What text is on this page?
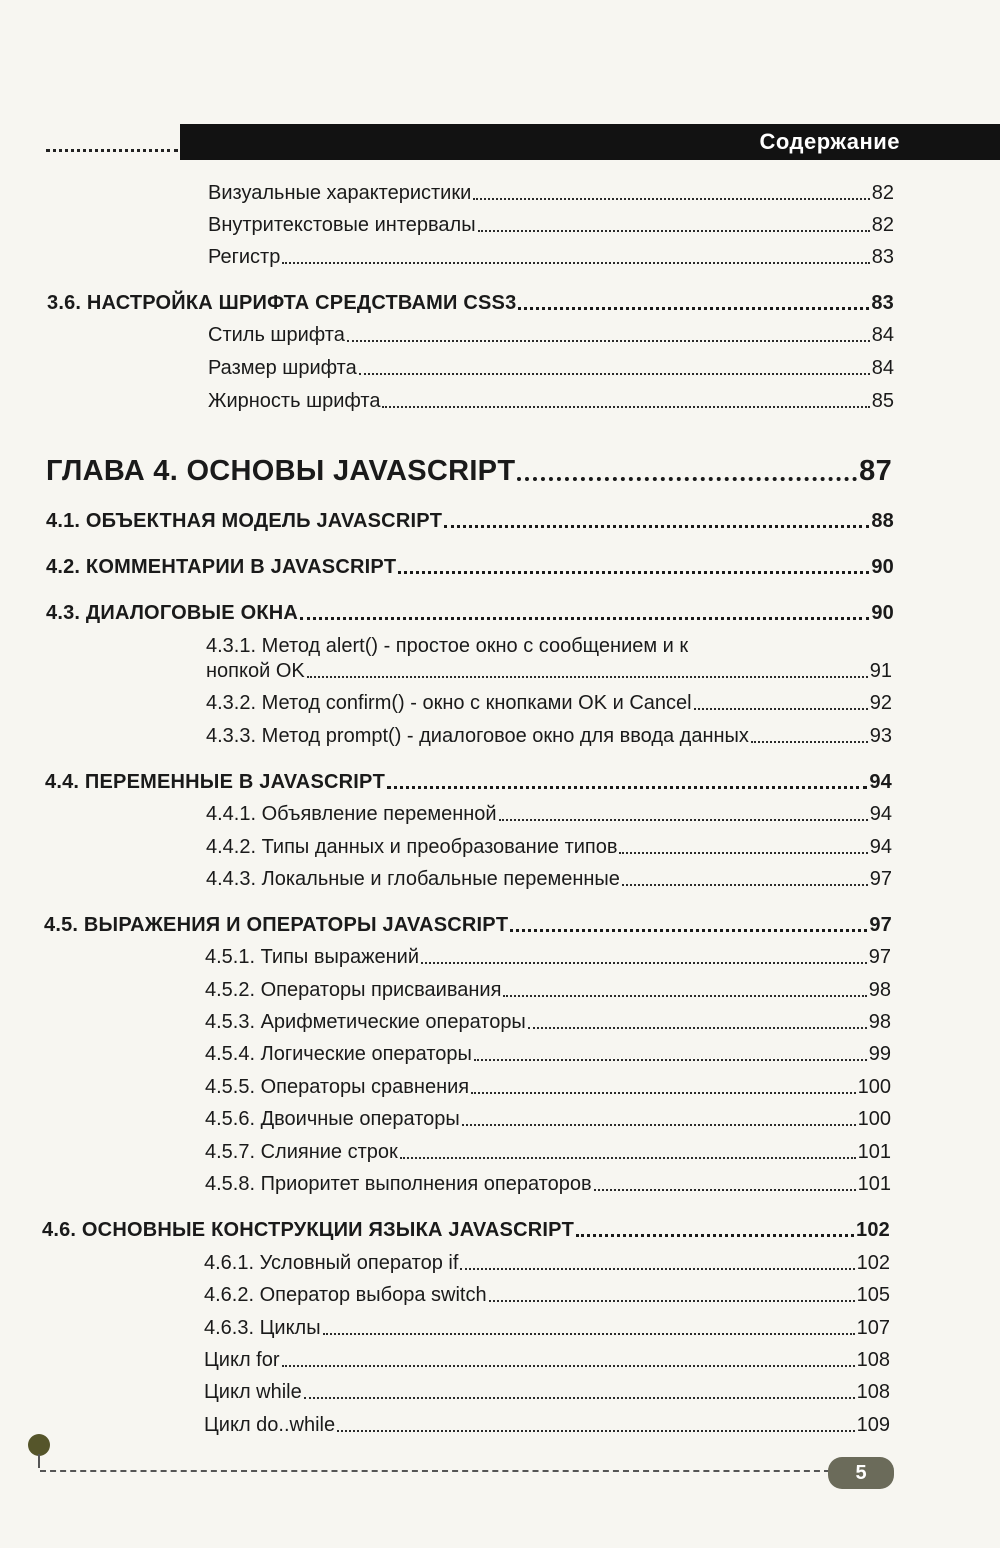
Содержание
Визуальные характеристики	82
Внутритекстовые интервалы	82
Регистр	83
3.6. НАСТРОЙКА ШРИФТА СРЕДСТВАМИ CSS3	83
Стиль шрифта	84
Размер шрифта	84
Жирность шрифта	85
ГЛАВА 4. ОСНОВЫ JAVASCRIPT	87
4.1. ОБЪЕКТНАЯ МОДЕЛЬ JAVASCRIPT	88
4.2. КОММЕНТАРИИ В JAVASCRIPT	90
4.3. ДИАЛОГОВЫЕ ОКНА	90
4.3.1. Метод alert() - простое окно с сообщением и к
нопкой OK	91
4.3.2. Метод confirm() - окно с кнопками OK и Cancel	92
4.3.3. Метод prompt() - диалоговое окно для ввода данных	93
4.4. ПЕРЕМЕННЫЕ В JAVASCRIPT	94
4.4.1. Объявление переменной	94
4.4.2. Типы данных и преобразование типов	94
4.4.3. Локальные и глобальные переменные	97
4.5. ВЫРАЖЕНИЯ И ОПЕРАТОРЫ JAVASCRIPT	97
4.5.1. Типы выражений	97
4.5.2. Операторы присваивания	98
4.5.3. Арифметические операторы	98
4.5.4. Логические операторы	99
4.5.5. Операторы сравнения	100
4.5.6. Двоичные операторы	100
4.5.7. Слияние строк	101
4.5.8. Приоритет выполнения операторов	101
4.6. ОСНОВНЫЕ КОНСТРУКЦИИ ЯЗЫКА JAVASCRIPT	102
4.6.1. Условный оператор if	102
4.6.2. Оператор выбора switch	105
4.6.3. Циклы	107
Цикл for	108
Цикл while	108
Цикл do..while	109
5
